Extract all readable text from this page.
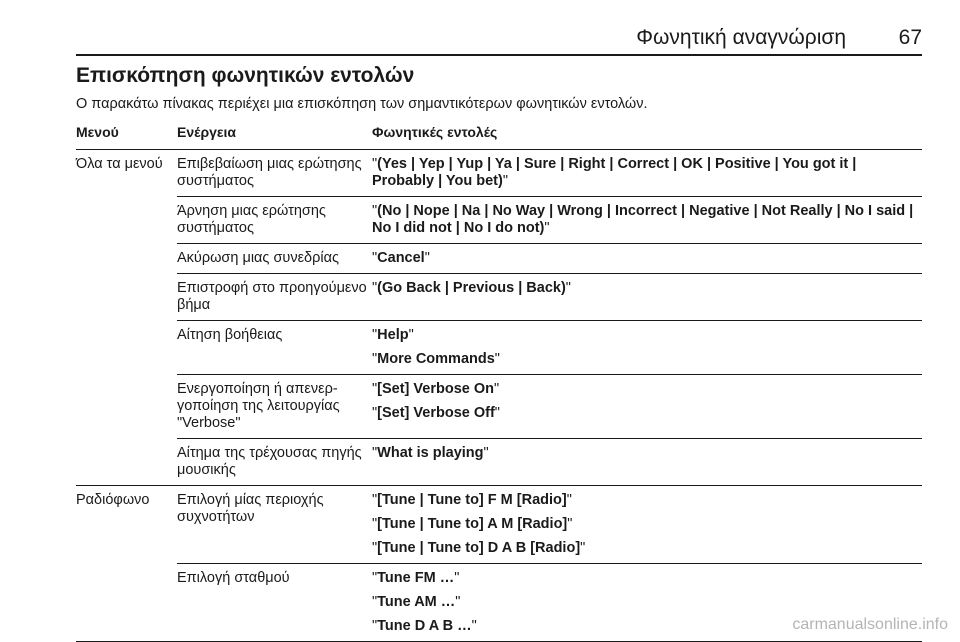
Φωνητική αναγνώριση	67
Επισκόπηση φωνητικών εντολών
Ο παρακάτω πίνακας περιέχει μια επισκόπηση των σημαντικότερων φωνητικών εντολών.
Μενού	Ενέργεια	Φωνητικές εντολές
Όλα τα μενού	Επιβεβαίωση μιας ερώτησης συστήματος	"(Yes | Yep | Yup | Ya | Sure | Right | Correct | OK | Positive | You got it | Probably | You bet)"

	Άρνηση μιας ερώτησης συστήματος	"(No | Nope | Na | No Way | Wrong | Incorrect | Negative | Not Really | No I said | No I did not | No I do not)"

	Ακύρωση μιας συνεδρίας	"Cancel"

	Επιστροφή στο προηγούμενο βήμα	"(Go Back | Previous | Back)"

	Αίτηση βοήθειας	"Help"
"More Commands"

	Ενεργοποίηση ή απενερ-γοποίηση της λειτουργίας "Verbose"	"[Set] Verbose On"
"[Set] Verbose Off"

	Αίτημα της τρέχουσας πηγής μουσικής	"What is playing"

Ραδιόφωνο	Επιλογή μίας περιοχής συχνοτήτων	"[Tune | Tune to] F M [Radio]"
"[Tune | Tune to] A M [Radio]"
"[Tune | Tune to] D A B [Radio]"

	Επιλογή σταθμού	"Tune FM …"
"Tune AM …"
"Tune D A B …"	carmanualsonline.info
